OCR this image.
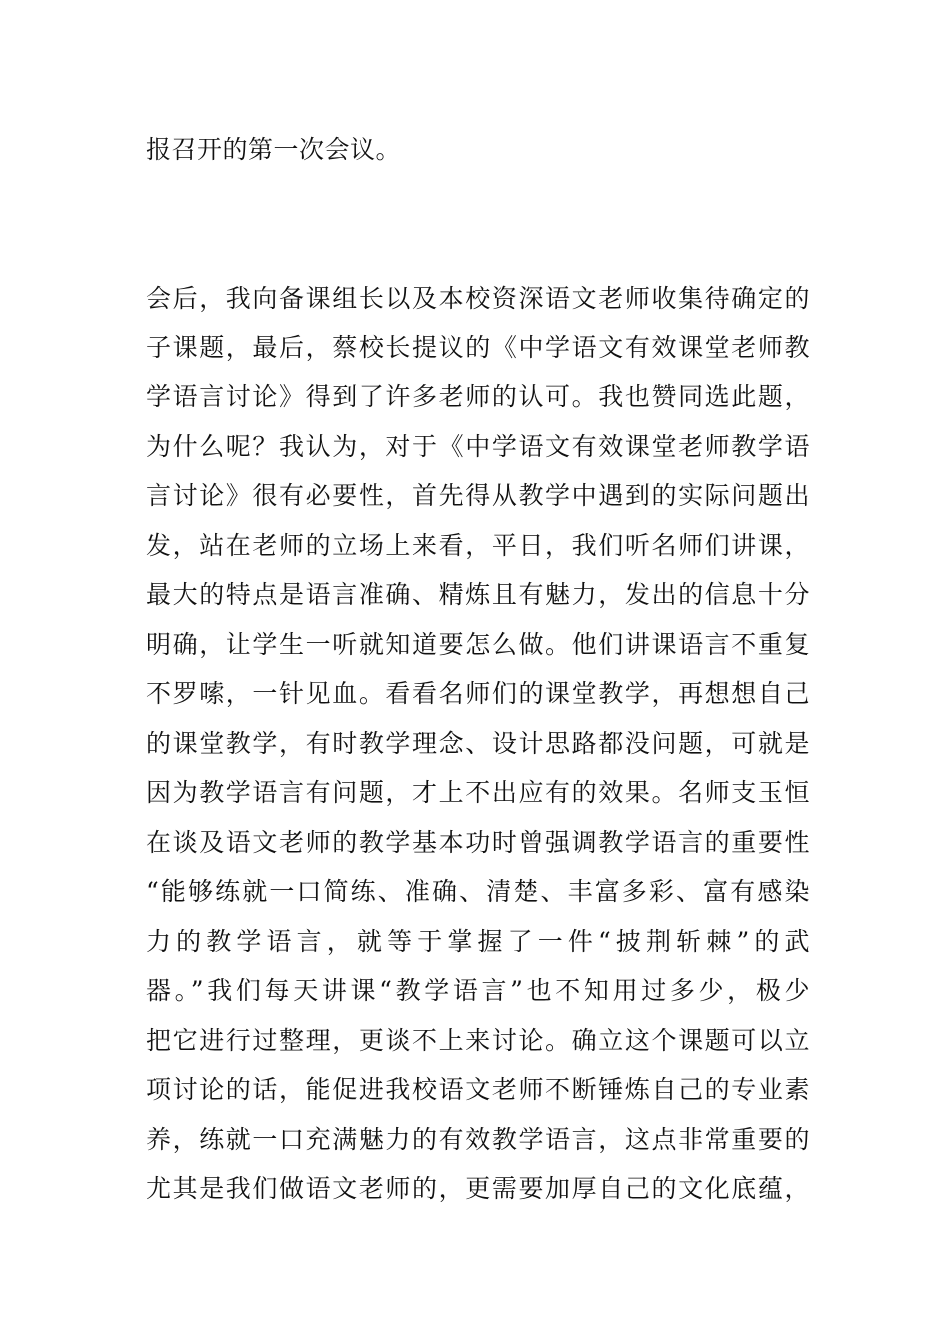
报召开的第一次会议。
会后，我向备课组长以及本校资深语文老师收集待确定的
子课题，最后，蔡校长提议的《中学语文有效课堂老师教
学语言讨论》得到了许多老师的认可。我也赞同选此题，
为什么呢？我认为，对于《中学语文有效课堂老师教学语
言讨论》很有必要性，首先得从教学中遇到的实际问题出
发，站在老师的立场上来看，平日，我们听名师们讲课，
最大的特点是语言准确、精炼且有魅力，发出的信息十分
明确，让学生一听就知道要怎么做。他们讲课语言不重复
不罗嗦，一针见血。看看名师们的课堂教学，再想想自己
的课堂教学，有时教学理念、设计思路都没问题，可就是
因为教学语言有问题，才上不出应有的效果。名师支玉恒
在谈及语文老师的教学基本功时曾强调教学语言的重要性
“能够练就一口简练、准确、清楚、丰富多彩、富有感染
力的教学语言，就等于掌握了一件“披荆斩棘”的武
器。”我们每天讲课“教学语言”也不知用过多少，极少
把它进行过整理，更谈不上来讨论。确立这个课题可以立
项讨论的话，能促进我校语文老师不断锤炼自己的专业素
养，练就一口充满魅力的有效教学语言，这点非常重要的
尤其是我们做语文老师的，更需要加厚自己的文化底蕴，
